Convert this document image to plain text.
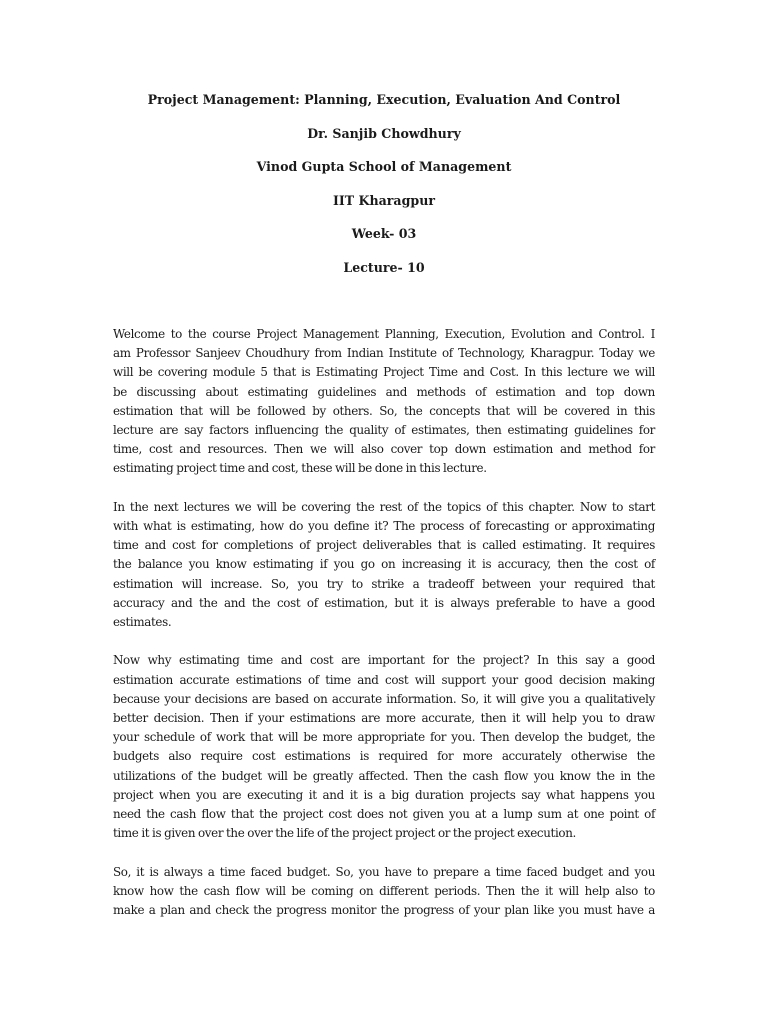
Project Management: Planning, Execution, Evaluation And Control
Dr. Sanjib Chowdhury
Vinod Gupta School of Management
IIT Kharagpur
Week- 03
Lecture- 10

Welcome to the course Project Management Planning, Execution, Evolution and Control. I
am Professor Sanjeev Choudhury from Indian Institute of Technology, Kharagpur. Today we
will be covering module 5 that is Estimating Project Time and Cost. In this lecture we will
be discussing about estimating guidelines and methods of estimation and top down
estimation that will be followed by others. So, the concepts that will be covered in this
lecture are say factors influencing the quality of estimates, then estimating guidelines for
time, cost and resources. Then we will also cover top down estimation and method for
estimating project time and cost, these will be done in this lecture.

In the next lectures we will be covering the rest of the topics of this chapter. Now to start
with what is estimating, how do you define it? The process of forecasting or approximating
time and cost for completions of project deliverables that is called estimating. It requires
the balance you know estimating if you go on increasing it is accuracy, then the cost of
estimation will increase. So, you try to strike a tradeoff between your required that
accuracy and the and the cost of estimation, but it is always preferable to have a good
estimates.

Now why estimating time and cost are important for the project? In this say a good
estimation accurate estimations of time and cost will support your good decision making
because your decisions are based on accurate information. So, it will give you a qualitatively
better decision. Then if your estimations are more accurate, then it will help you to draw
your schedule of work that will be more appropriate for you. Then develop the budget, the
budgets also require cost estimations is required for more accurately otherwise the
utilizations of the budget will be greatly affected. Then the cash flow you know the in the
project when you are executing it and it is a big duration projects say what happens you
need the cash flow that the project cost does not given you at a lump sum at one point of
time it is given over the over the life of the project project or the project execution.

So, it is always a time faced budget. So, you have to prepare a time faced budget and you
know how the cash flow will be coming on different periods. Then the it will help also to
make a plan and check the progress monitor the progress of your plan like you must have a
